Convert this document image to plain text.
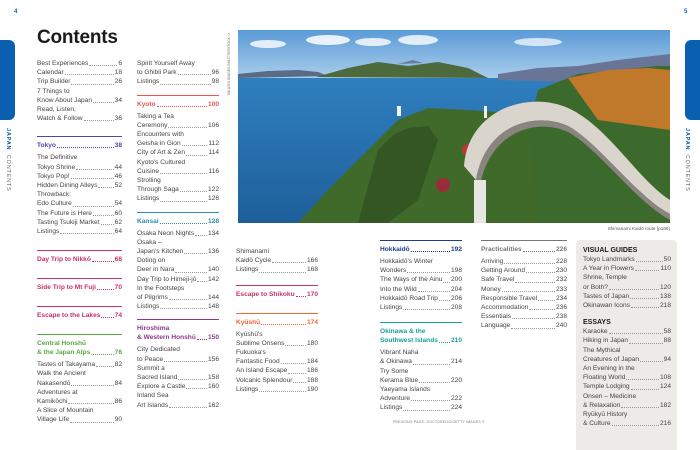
4	5
JAPAN  CONTENTS
JAPAN  CONTENTS
Contents
Best Experiences	6
Calendar	18
Trip Builder	26
7 Things to
Know About Japan	34
Read, Listen,
Watch & Follow	36
Tokyo	38
The Definitive
Tokyo Shrine	44
Tokyo Pop!	46
Hidden Dining Alleys	52
Throwback:
Edo Culture	54
The Future is Here	60
Tasting Tsukiji Market 62
Listings	64
Day Trip to Nikkō	68
Side Trip to Mt Fuji	70
Escape to the Lakes 74
Central Honshū
& the Japan Alps	76
Tastes of Takayama	82
Walk the Ancient
Nakasendō	84
Adventures at
Kamikōchi	86
A Slice of Mountain
Village Life	90
Spirit Yourself Away
to Ghibli Park	96
Listings	98
Kyoto	100
Taking a Tea
Ceremony	106
Encounters with
Geisha in Gion	112
City of Art & Zen	114
Kyoto's Cultured
Cuisine	116
Strolling
Through Saga	122
Listings	126
Kansai	128
Osaka Neon Nights 134
Osaka –
Japan's Kitchen	136
Doting on
Deer in Nara	140
Day Trip to Himeji-jō 142
In the Footsteps
of Pilgrims	144
Listings	148
Hiroshima
& Western Honshū 150
City Dedicated
to Peace	156
Summit a
Sacred Island	158
Explore a Castle	160
Inland Sea
Art Islands	162
Shimanami
Kaidō Cycle	166
Listings	168
Escape to Shikoku 170
Kyūshū	174
Kyūshū's
Sublime Onsens	180
Fukuoka's
Fantastic Food	184
An Island Escape	186
Volcanic Splendour 188
Listings	190
Hokkaidō	192
Hokkaidō's Winter
Wonders	198
The Ways of the Ainu 200
Into the Wild	204
Hokkaidō Road Trip 206
Listings	208
Okinawa & the
Southwest Islands 210
Vibrant Naha
& Okinawa	214
Try Some
Kerama Blue	220
Yaeyama Islands
Adventure	222
Listings	224
Practicalities	226
Arriving	228
Getting Around	230
Safe Travel	232
Money	233
Responsible Travel	234
Accommodation	236
Essentials	238
Language	240
TAKASHI IMAGES/SHUTTERSTOCK ©
Shimanami Kaidō route (p166)
PREVIOUS PAGE: DOCTOREGG/GETTY IMAGES ©
VISUAL GUIDES
Tokyo Landmarks	50
A Year in Flowers	110
Shrine, Temple
or Both?	120
Tastes of Japan	138
Okinawan Icons	218
ESSAYS
Karaoke	58
Hiking in Japan	88
The Mythical
Creatures of Japan	94
An Evening in the
Floating World	108
Temple Lodging	124
Onsen – Medicine
& Relaxation	182
Ryūkyū History
& Culture	216
